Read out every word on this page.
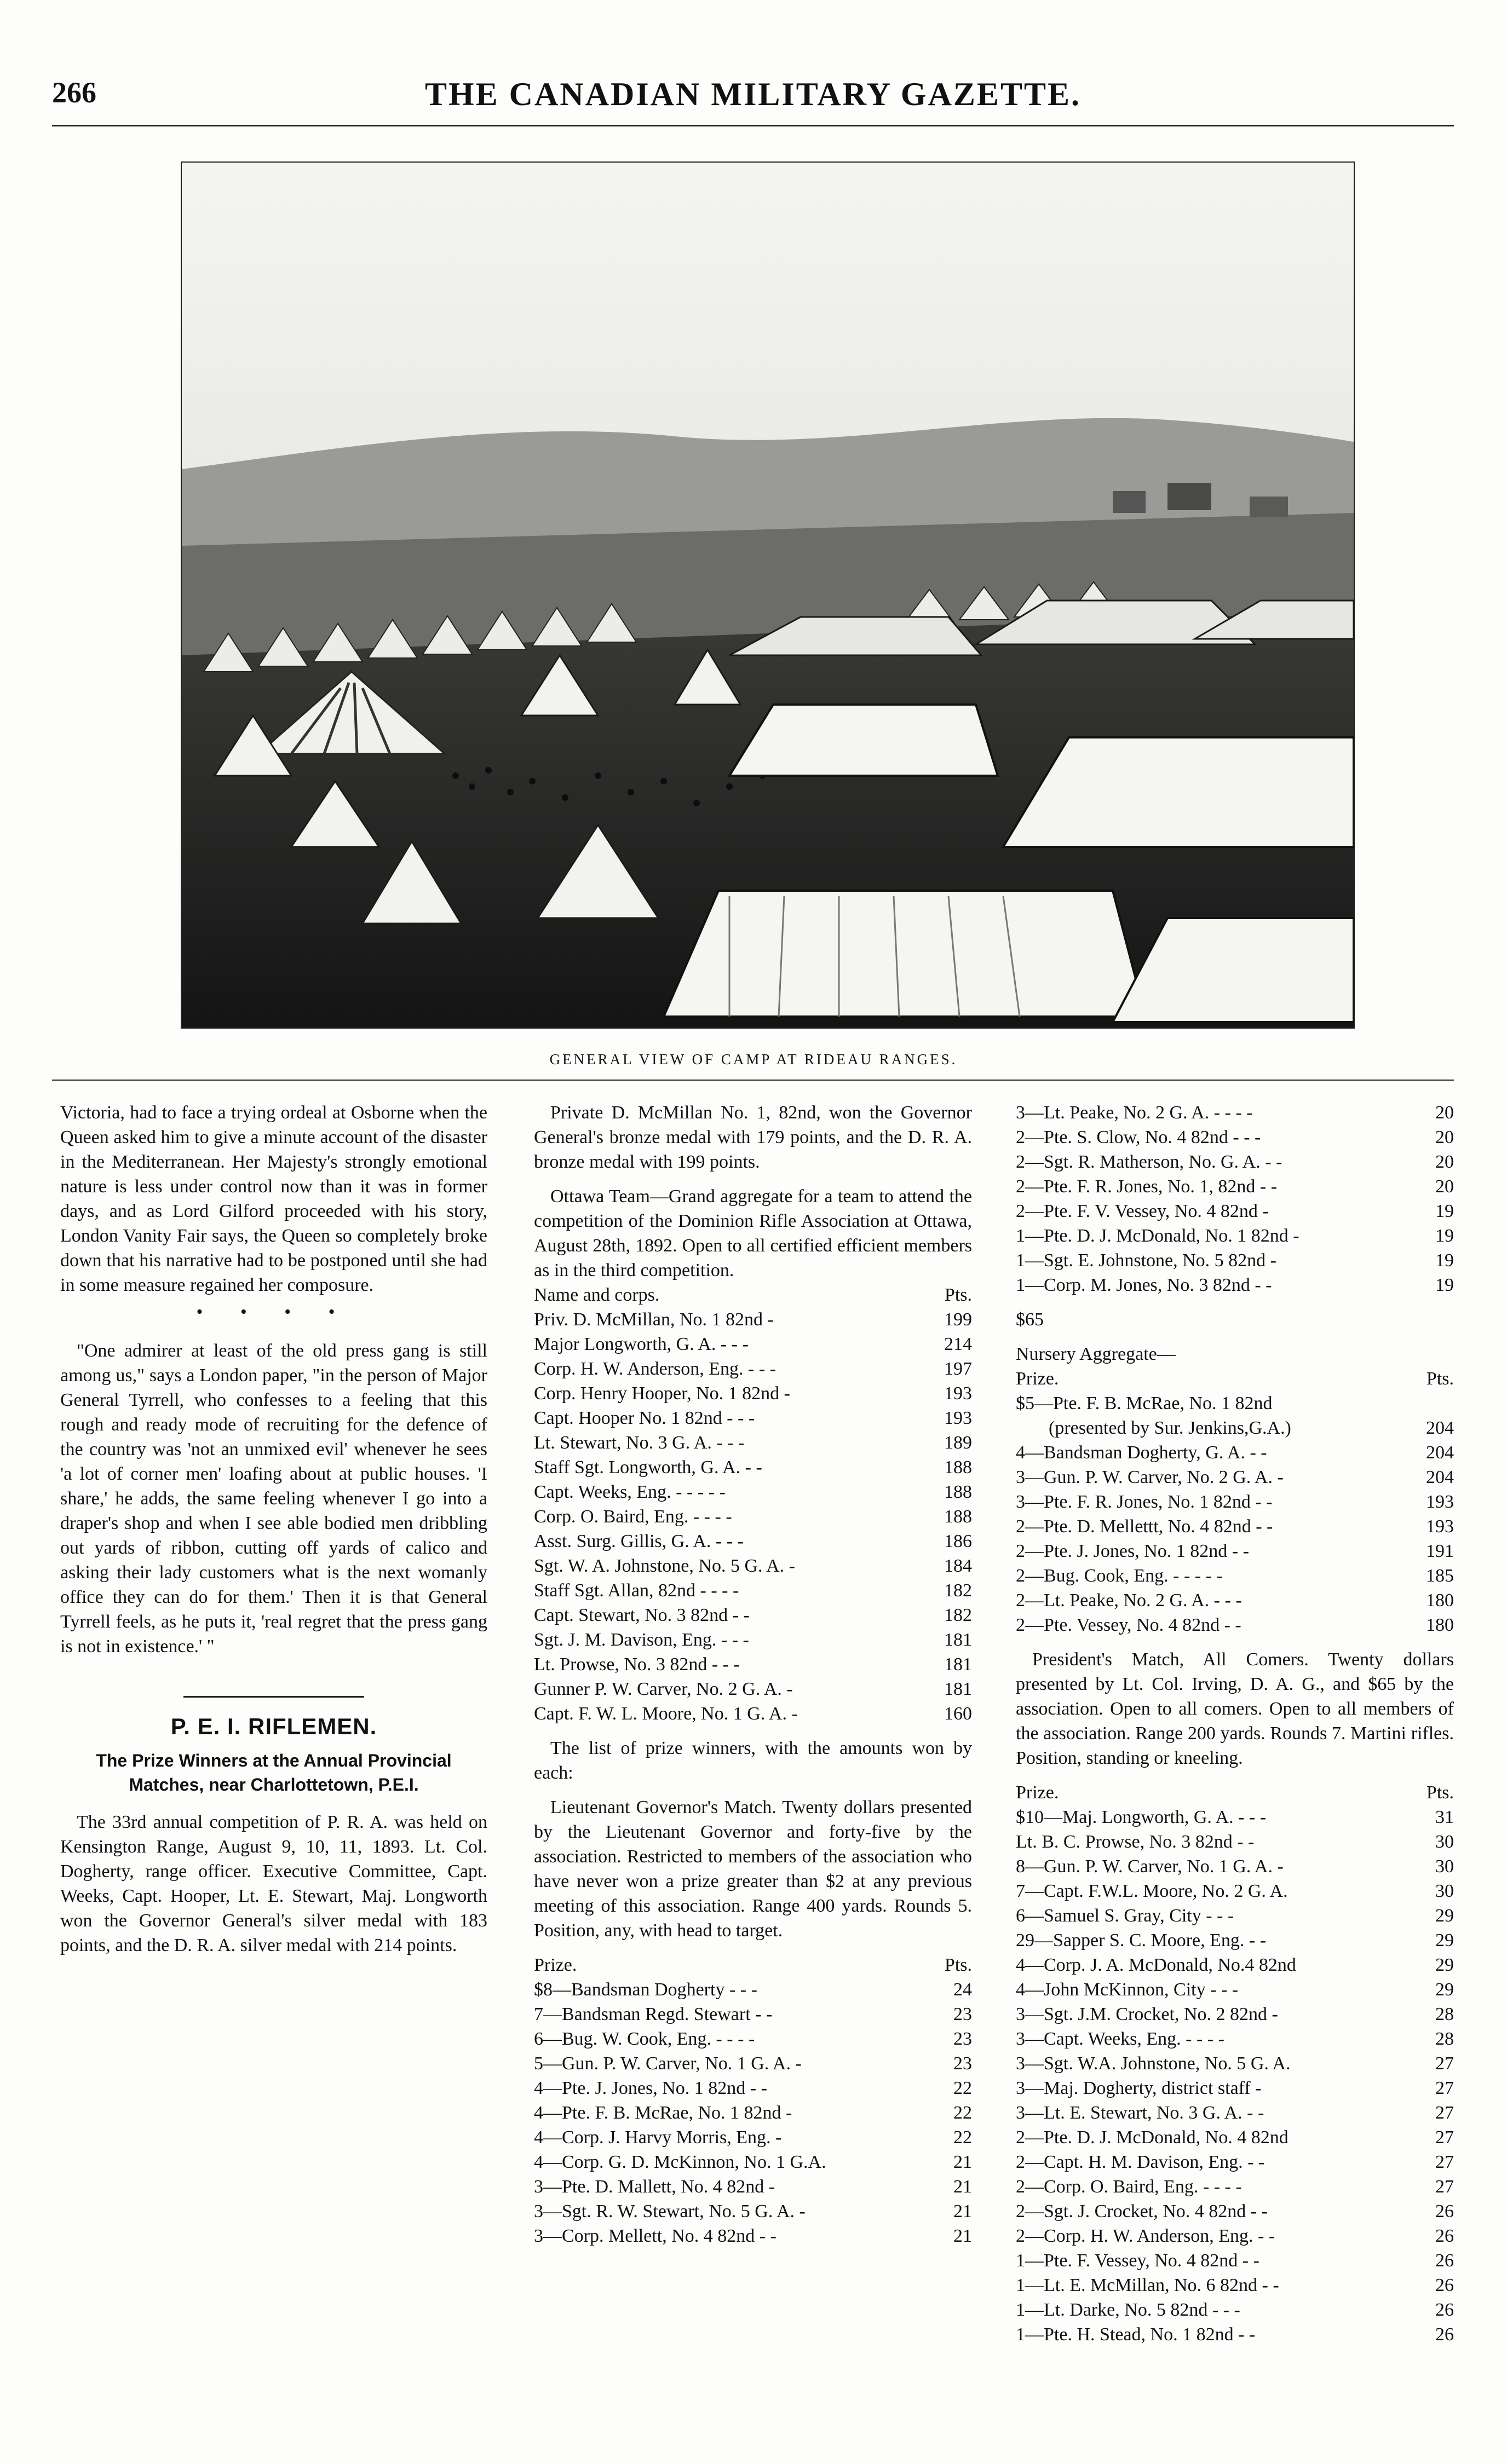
266	THE CANADIAN MILITARY GAZETTE.
GENERAL VIEW OF CAMP AT RIDEAU RANGES.

Victoria, had to face a trying ordeal at Osborne when the Queen asked him to give a minute account of the disaster in the Mediterranean. Her Majesty's strongly emotional nature is less under control now than it was in former days, and as Lord Gilford proceeded with his story, London Vanity Fair says, the Queen so completely broke down that his narrative had to be postponed until she had in some measure regained her composure.

• • • •

"One admirer at least of the old press gang is still among us," says a London paper, "in the person of Major General Tyrrell, who confesses to a feeling that this rough and ready mode of recruiting for the defence of the country was 'not an unmixed evil' whenever he sees 'a lot of corner men' loafing about at public houses. 'I share,' he adds, the same feeling whenever I go into a draper's shop and when I see able bodied men dribbling out yards of ribbon, cutting off yards of calico and asking their lady customers what is the next womanly office they can do for them.' Then it is that General Tyrrell feels, as he puts it, 'real regret that the press gang is not in existence.' "

P. E. I. RIFLEMEN.
The Prize Winners at the Annual Provincial Matches, near Charlottetown, P.E.I.

The 33rd annual competition of P. R. A. was held on Kensington Range, August 9, 10, 11, 1893. Lt. Col. Dogherty, range officer. Executive Committee, Capt. Weeks, Capt. Hooper, Lt. E. Stewart, Maj. Longworth won the Governor General's silver medal with 183 points, and the D. R. A. silver medal with 214 points.

Private D. McMillan No. 1, 82nd, won the Governor General's bronze medal with 179 points, and the D. R. A. bronze medal with 199 points.

Ottawa Team—Grand aggregate for a team to attend the competition of the Dominion Rifle Association at Ottawa, August 28th, 1892. Open to all certified efficient members as in the third competition.

Name and corps.	Pts.
Priv. D. McMillan, No. 1 82nd -	199
Major Longworth, G. A. - - -	214
Corp. H. W. Anderson, Eng. - - -	197
Corp. Henry Hooper, No. 1 82nd -	193
Capt. Hooper No. 1 82nd - - -	193
Lt. Stewart, No. 3 G. A. - - -	189
Staff Sgt. Longworth, G. A. - -	188
Capt. Weeks, Eng. - - - - -	188
Corp. O. Baird, Eng. - - - -	188
Asst. Surg. Gillis, G. A. - - -	186
Sgt. W. A. Johnstone, No. 5 G. A. -	184
Staff Sgt. Allan, 82nd - - - -	182
Capt. Stewart, No. 3 82nd - -	182
Sgt. J. M. Davison, Eng. - - -	181
Lt. Prowse, No. 3 82nd - - -	181
Gunner P. W. Carver, No. 2 G. A. -	181
Capt. F. W. L. Moore, No. 1 G. A. -	160

The list of prize winners, with the amounts won by each:

Lieutenant Governor's Match. Twenty dollars presented by the Lieutenant Governor and forty-five by the association. Restricted to members of the association who have never won a prize greater than $2 at any previous meeting of this association. Range 400 yards. Rounds 5. Position, any, with head to target.

Prize.	Pts.
$8—Bandsman Dogherty - - -	24
7—Bandsman Regd. Stewart - -	23
6—Bug. W. Cook, Eng. - - - -	23
5—Gun. P. W. Carver, No. 1 G. A. -	23
4—Pte. J. Jones, No. 1 82nd - -	22
4—Pte. F. B. McRae, No. 1 82nd -	22
4—Corp. J. Harvy Morris, Eng. -	22
4—Corp. G. D. McKinnon, No. 1 G.A.	21
3—Pte. D. Mallett, No. 4 82nd -	21
3—Sgt. R. W. Stewart, No. 5 G. A. -	21
3—Corp. Mellett, No. 4 82nd - -	21
3—Lt. Peake, No. 2 G. A. - - - -	20
2—Pte. S. Clow, No. 4 82nd - - -	20
2—Sgt. R. Matherson, No. G. A. - -	20
2—Pte. F. R. Jones, No. 1, 82nd - -	20
2—Pte. F. V. Vessey, No. 4 82nd -	19
1—Pte. D. J. McDonald, No. 1 82nd -	19
1—Sgt. E. Johnstone, No. 5 82nd -	19
1—Corp. M. Jones, No. 3 82nd - -	19
$65
Nursery Aggregate—
Prize.	Pts.
$5—Pte. F. B. McRae, No. 1 82nd
(presented by Sur. Jenkins,G.A.)	204
4—Bandsman Dogherty, G. A. - -	204
3—Gun. P. W. Carver, No. 2 G. A. -	204
3—Pte. F. R. Jones, No. 1 82nd - -	193
2—Pte. D. Mellettt, No. 4 82nd - -	193
2—Pte. J. Jones, No. 1 82nd - -	191
2—Bug. Cook, Eng. - - - - -	185
2—Lt. Peake, No. 2 G. A. - - -	180
2—Pte. Vessey, No. 4 82nd - -	180

President's Match, All Comers. Twenty dollars presented by Lt. Col. Irving, D. A. G., and $65 by the association. Open to all comers. Open to all members of the association. Range 200 yards. Rounds 7. Martini rifles. Position, standing or kneeling.

Prize.	Pts.
$10—Maj. Longworth, G. A. - - -	31
Lt. B. C. Prowse, No. 3 82nd - -	30
8—Gun. P. W. Carver, No. 1 G. A. -	30
7—Capt. F.W.L. Moore, No. 2 G. A.	30
6—Samuel S. Gray, City - - -	29
29—Sapper S. C. Moore, Eng. - -	29
4—Corp. J. A. McDonald, No.4 82nd	29
4—John McKinnon, City - - -	29
3—Sgt. J.M. Crocket, No. 2 82nd -	28
3—Capt. Weeks, Eng. - - - -	28
3—Sgt. W.A. Johnstone, No. 5 G. A.	27
3—Maj. Dogherty, district staff -	27
3—Lt. E. Stewart, No. 3 G. A. - -	27
2—Pte. D. J. McDonald, No. 4 82nd	27
2—Capt. H. M. Davison, Eng. - -	27
2—Corp. O. Baird, Eng. - - - -	27
2—Sgt. J. Crocket, No. 4 82nd - -	26
2—Corp. H. W. Anderson, Eng. - -	26
1—Pte. F. Vessey, No. 4 82nd - -	26
1—Lt. E. McMillan, No. 6 82nd - -	26
1—Lt. Darke, No. 5 82nd - - -	26
1—Pte. H. Stead, No. 1 82nd - -	26
